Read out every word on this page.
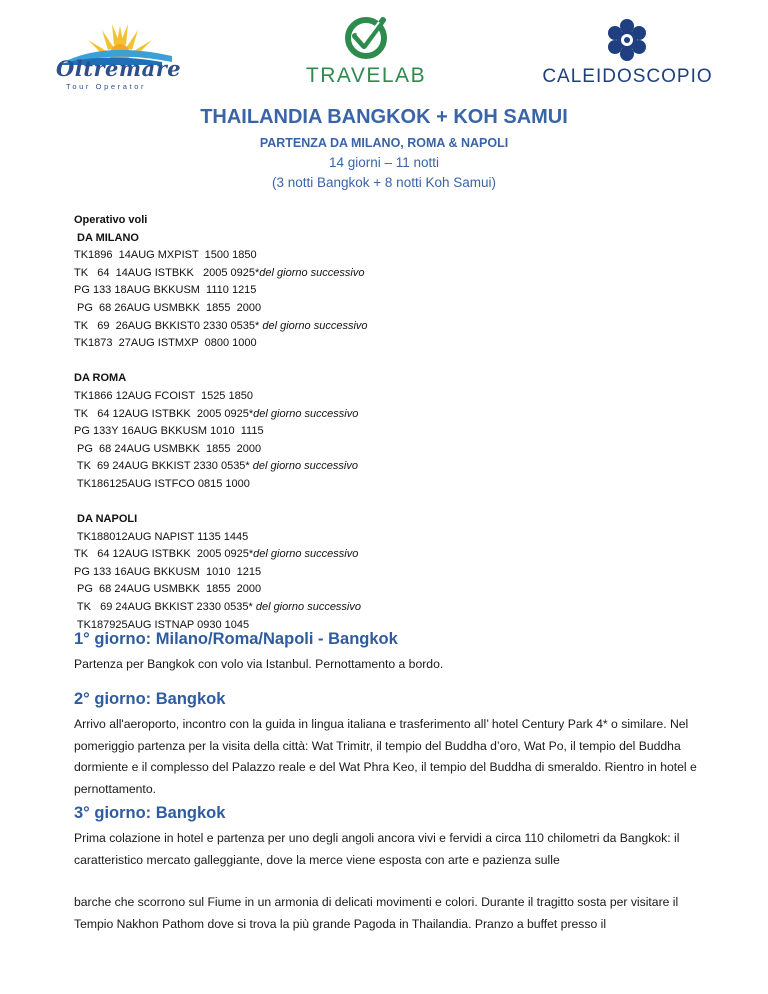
Oltremare
Tour Operator	TRAVELAB	CALEIDOSCOPIO
THAILANDIA BANGKOK + KOH SAMUI
PARTENZA DA MILANO, ROMA & NAPOLI
14 giorni – 11 notti
(3 notti Bangkok + 8 notti Koh Samui)
Operativo voli
DA MILANO
TK1896  14AUG MXPIST  1500 1850
TK   64  14AUG ISTBKK   2005 0925*del giorno successivo
PG 133 18AUG BKKUSM  1110 1215
PG  68 26AUG USMBKK  1855  2000
TK   69  26AUG BKKIST0 2330 0535* del giorno successivo
TK1873  27AUG ISTMXP  0800 1000
DA ROMA
TK1866 12AUG FCOIST  1525 1850
TK   64 12AUG ISTBKK  2005 0925*del giorno successivo
PG 133Y 16AUG BKKUSM 1010  1115
PG  68 24AUG USMBKK  1855  2000
TK  69 24AUG BKKIST 2330 0535* del giorno successivo
TK186125AUG ISTFCO 0815 1000
DA NAPOLI
TK188012AUG NAPIST 1135 1445
TK   64 12AUG ISTBKK  2005 0925*del giorno successivo
PG 133 16AUG BKKUSM  1010  1215
PG  68 24AUG USMBKK  1855  2000
TK   69 24AUG BKKIST 2330 0535* del giorno successivo
TK187925AUG ISTNAP 0930 1045
1° giorno: Milano/Roma/Napoli - Bangkok

Partenza per Bangkok con volo via Istanbul. Pernottamento a bordo.

2° giorno: Bangkok

Arrivo all'aeroporto, incontro con la guida in lingua italiana e trasferimento all’ hotel Century Park 4* o similare. Nel pomeriggio partenza per la visita della città: Wat Trimitr, il tempio del Buddha d’oro, Wat Po, il tempio del Buddha dormiente e il complesso del Palazzo reale e del Wat Phra Keo, il tempio del Buddha di smeraldo. Rientro in hotel e pernottamento.

3° giorno: Bangkok

Prima colazione in hotel e partenza per uno degli angoli ancora vivi e fervidi a circa 110 chilometri da Bangkok: il caratteristico mercato galleggiante, dove la merce viene esposta con arte e pazienza sulle

barche che scorrono sul Fiume in un armonia di delicati movimenti e colori. Durante il tragitto sosta per visitare il Tempio Nakhon Pathom dove si trova la più grande Pagoda in Thailandia. Pranzo a buffet presso il
